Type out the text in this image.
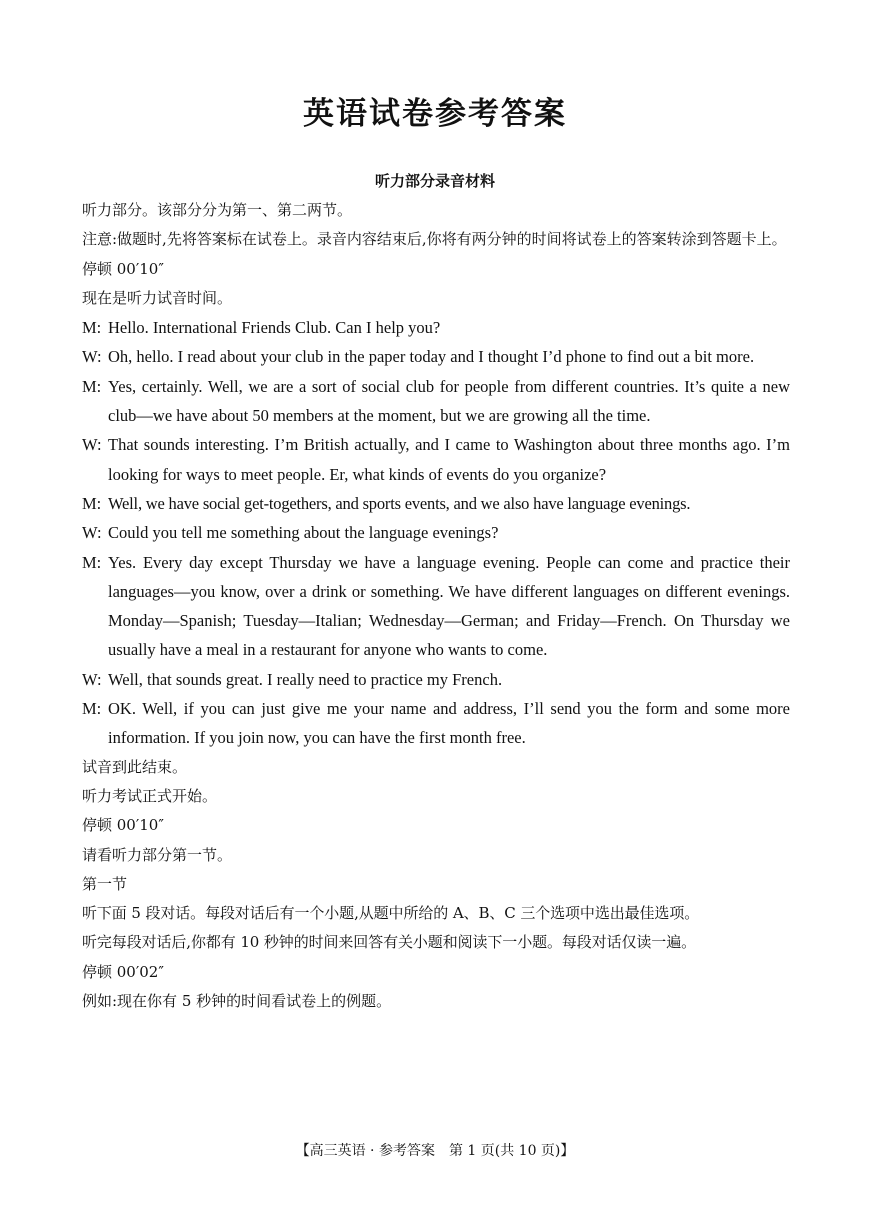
英语试卷参考答案
听力部分录音材料

听力部分。该部分分为第一、第二两节。

注意:做题时,先将答案标在试卷上。录音内容结束后,你将有两分钟的时间将试卷上的答案转涂到答题卡上。

停顿 00′10″

现在是听力试音时间。

M: Hello. International Friends Club. Can I help you?
W: Oh, hello. I read about your club in the paper today and I thought I’d phone to find out a bit more.
M: Yes, certainly. Well, we are a sort of social club for people from different countries. It’s quite a new club—we have about 50 members at the moment, but we are growing all the time.
W: That sounds interesting. I’m British actually, and I came to Washington about three months ago. I’m looking for ways to meet people. Er, what kinds of events do you organize?
M: Well, we have social get-togethers, and sports events, and we also have language evenings.
W: Could you tell me something about the language evenings?
M: Yes. Every day except Thursday we have a language evening. People can come and practice their languages—you know, over a drink or something. We have different languages on different evenings. Monday—Spanish; Tuesday—Italian; Wednesday—German; and Friday—French. On Thursday we usually have a meal in a restaurant for anyone who wants to come.
W: Well, that sounds great. I really need to practice my French.
M: OK. Well, if you can just give me your name and address, I’ll send you the form and some more information. If you join now, you can have the first month free.

试音到此结束。

听力考试正式开始。

停顿 00′10″

请看听力部分第一节。

第一节

听下面 5 段对话。每段对话后有一个小题,从题中所给的 A、B、C 三个选项中选出最佳选项。

听完每段对话后,你都有 10 秒钟的时间来回答有关小题和阅读下一小题。每段对话仅读一遍。

停顿 00′02″

例如:现在你有 5 秒钟的时间看试卷上的例题。

【高三英语 · 参考答案　第 1 页(共 10 页)】
